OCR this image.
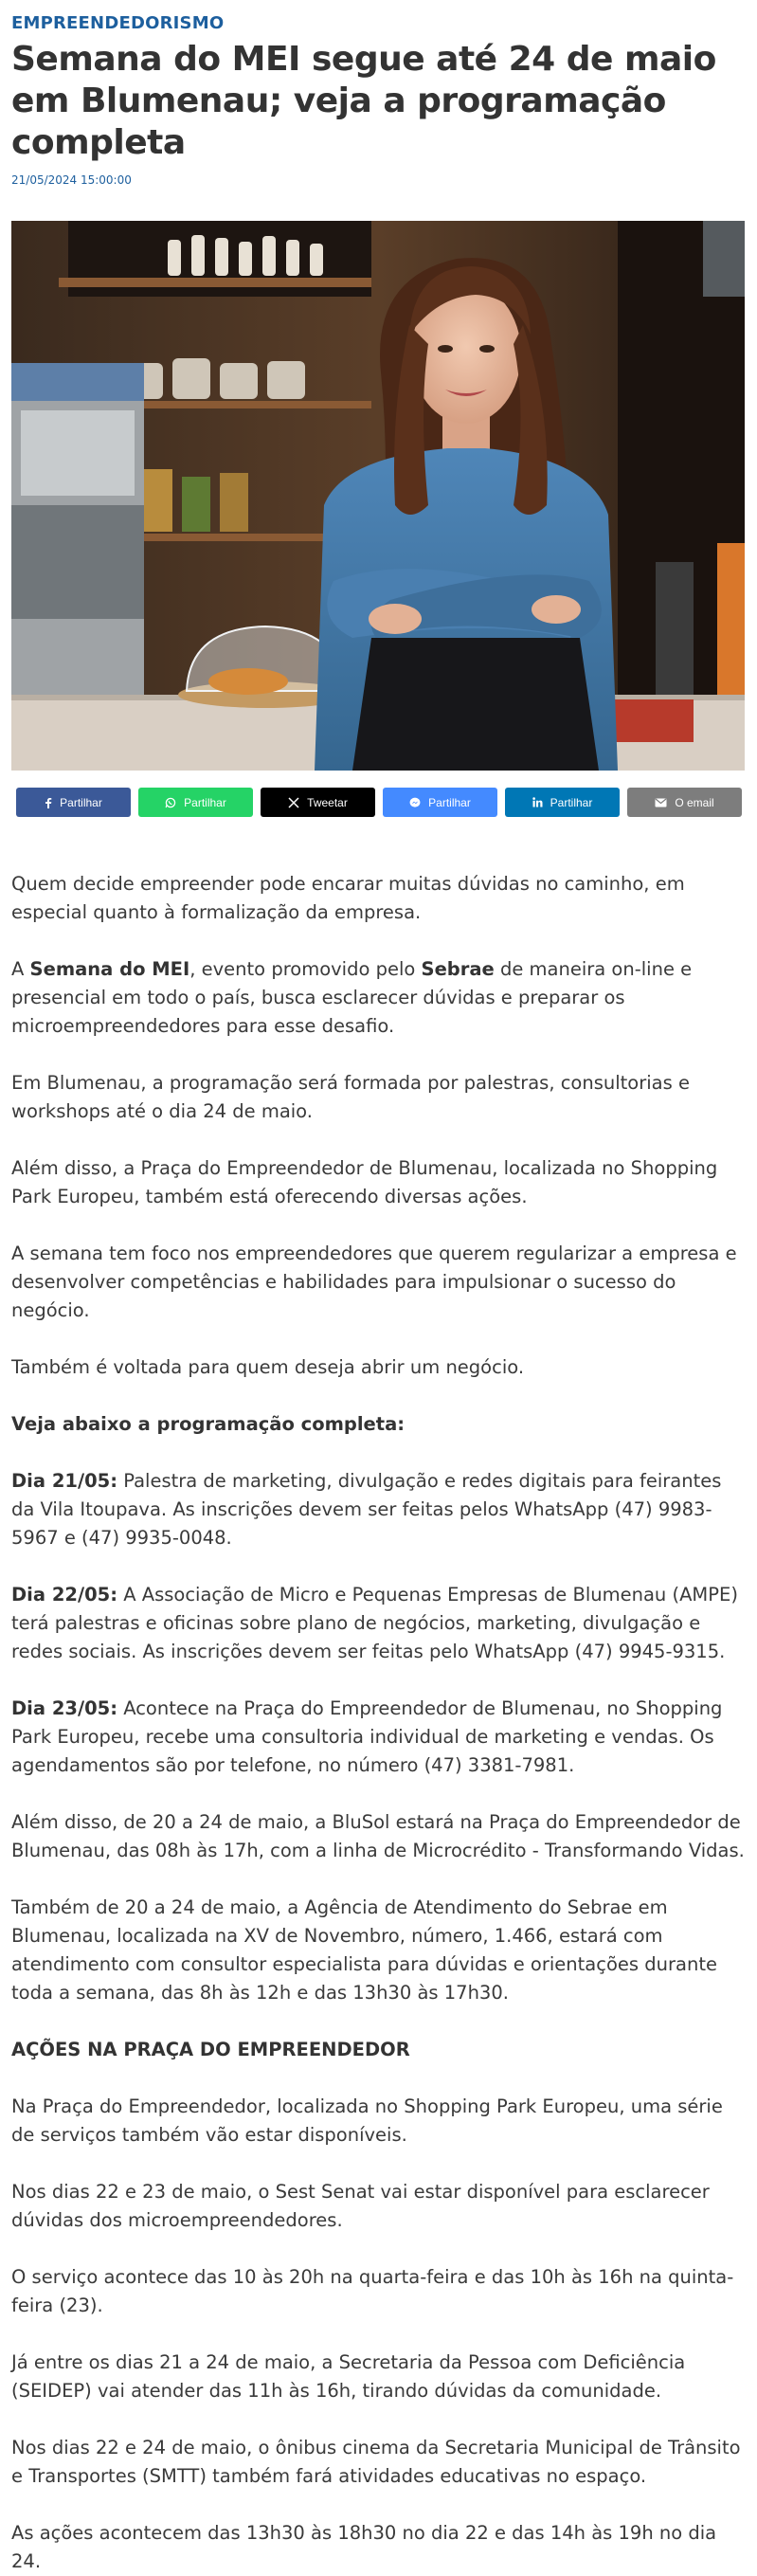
EMPREENDEDORISMO
Semana do MEI segue até 24 de maio em Blumenau; veja a programação completa
21/05/2024 15:00:00
Partilhar	Partilhar	Tweetar	Partilhar	Partilhar	O email

Quem decide empreender pode encarar muitas dúvidas no caminho, em especial quanto à formalização da empresa.

A Semana do MEI, evento promovido pelo Sebrae de maneira on-line e presencial em todo o país, busca esclarecer dúvidas e preparar os microempreendedores para esse desafio.

Em Blumenau, a programação será formada por palestras, consultorias e workshops até o dia 24 de maio.

Além disso, a Praça do Empreendedor de Blumenau, localizada no Shopping Park Europeu, também está oferecendo diversas ações.

A semana tem foco nos empreendedores que querem regularizar a empresa e desenvolver competências e habilidades para impulsionar o sucesso do negócio.

Também é voltada para quem deseja abrir um negócio.

Veja abaixo a programação completa:

Dia 21/05: Palestra de marketing, divulgação e redes digitais para feirantes da Vila Itoupava. As inscrições devem ser feitas pelos WhatsApp (47) 9983-5967 e (47) 9935-0048.

Dia 22/05: A Associação de Micro e Pequenas Empresas de Blumenau (AMPE) terá palestras e oficinas sobre plano de negócios, marketing, divulgação e redes sociais. As inscrições devem ser feitas pelo WhatsApp (47) 9945-9315.

Dia 23/05: Acontece na Praça do Empreendedor de Blumenau, no Shopping Park Europeu, recebe uma consultoria individual de marketing e vendas. Os agendamentos são por telefone, no número (47) 3381-7981.

Além disso, de 20 a 24 de maio, a BluSol estará na Praça do Empreendedor de Blumenau, das 08h às 17h, com a linha de Microcrédito - Transformando Vidas.

Também de 20 a 24 de maio, a Agência de Atendimento do Sebrae em Blumenau, localizada na XV de Novembro, número, 1.466, estará com atendimento com consultor especialista para dúvidas e orientações durante toda a semana, das 8h às 12h e das 13h30 às 17h30.

AÇÕES NA PRAÇA DO EMPREENDEDOR

Na Praça do Empreendedor, localizada no Shopping Park Europeu, uma série de serviços também vão estar disponíveis.

Nos dias 22 e 23 de maio, o Sest Senat vai estar disponível para esclarecer dúvidas dos microempreendedores.

O serviço acontece das 10 às 20h na quarta-feira e das 10h às 16h na quinta-feira (23).

Já entre os dias 21 a 24 de maio, a Secretaria da Pessoa com Deficiência (SEIDEP) vai atender das 11h às 16h, tirando dúvidas da comunidade.

Nos dias 22 e 24 de maio, o ônibus cinema da Secretaria Municipal de Trânsito e Transportes (SMTT) também fará atividades educativas no espaço.

As ações acontecem das 13h30 às 18h30 no dia 22 e das 14h às 19h no dia 24.
